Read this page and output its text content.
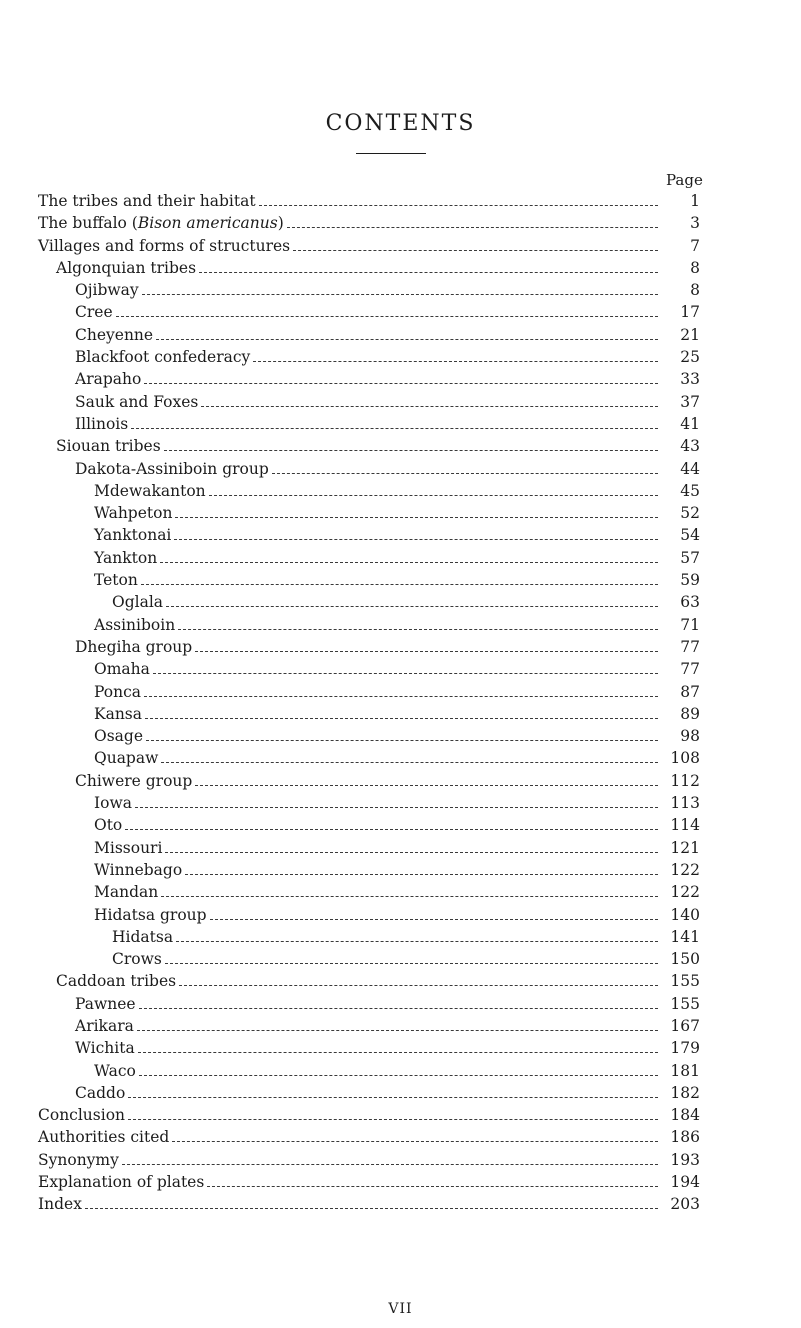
CONTENTS
Page
The tribes and their habitat	1
The buffalo (Bison americanus)	3
Villages and forms of structures	7
Algonquian tribes	8
Ojibway	8
Cree	17
Cheyenne	21
Blackfoot confederacy	25
Arapaho	33
Sauk and Foxes	37
Illinois	41
Siouan tribes	43
Dakota-Assiniboin group	44
Mdewakanton	45
Wahpeton	52
Yanktonai	54
Yankton	57
Teton	59
Oglala	63
Assiniboin	71
Dhegiha group	77
Omaha	77
Ponca	87
Kansa	89
Osage	98
Quapaw	108
Chiwere group	112
Iowa	113
Oto	114
Missouri	121
Winnebago	122
Mandan	122
Hidatsa group	140
Hidatsa	141
Crows	150
Caddoan tribes	155
Pawnee	155
Arikara	167
Wichita	179
Waco	181
Caddo	182
Conclusion	184
Authorities cited	186
Synonymy	193
Explanation of plates	194
Index	203
VII
